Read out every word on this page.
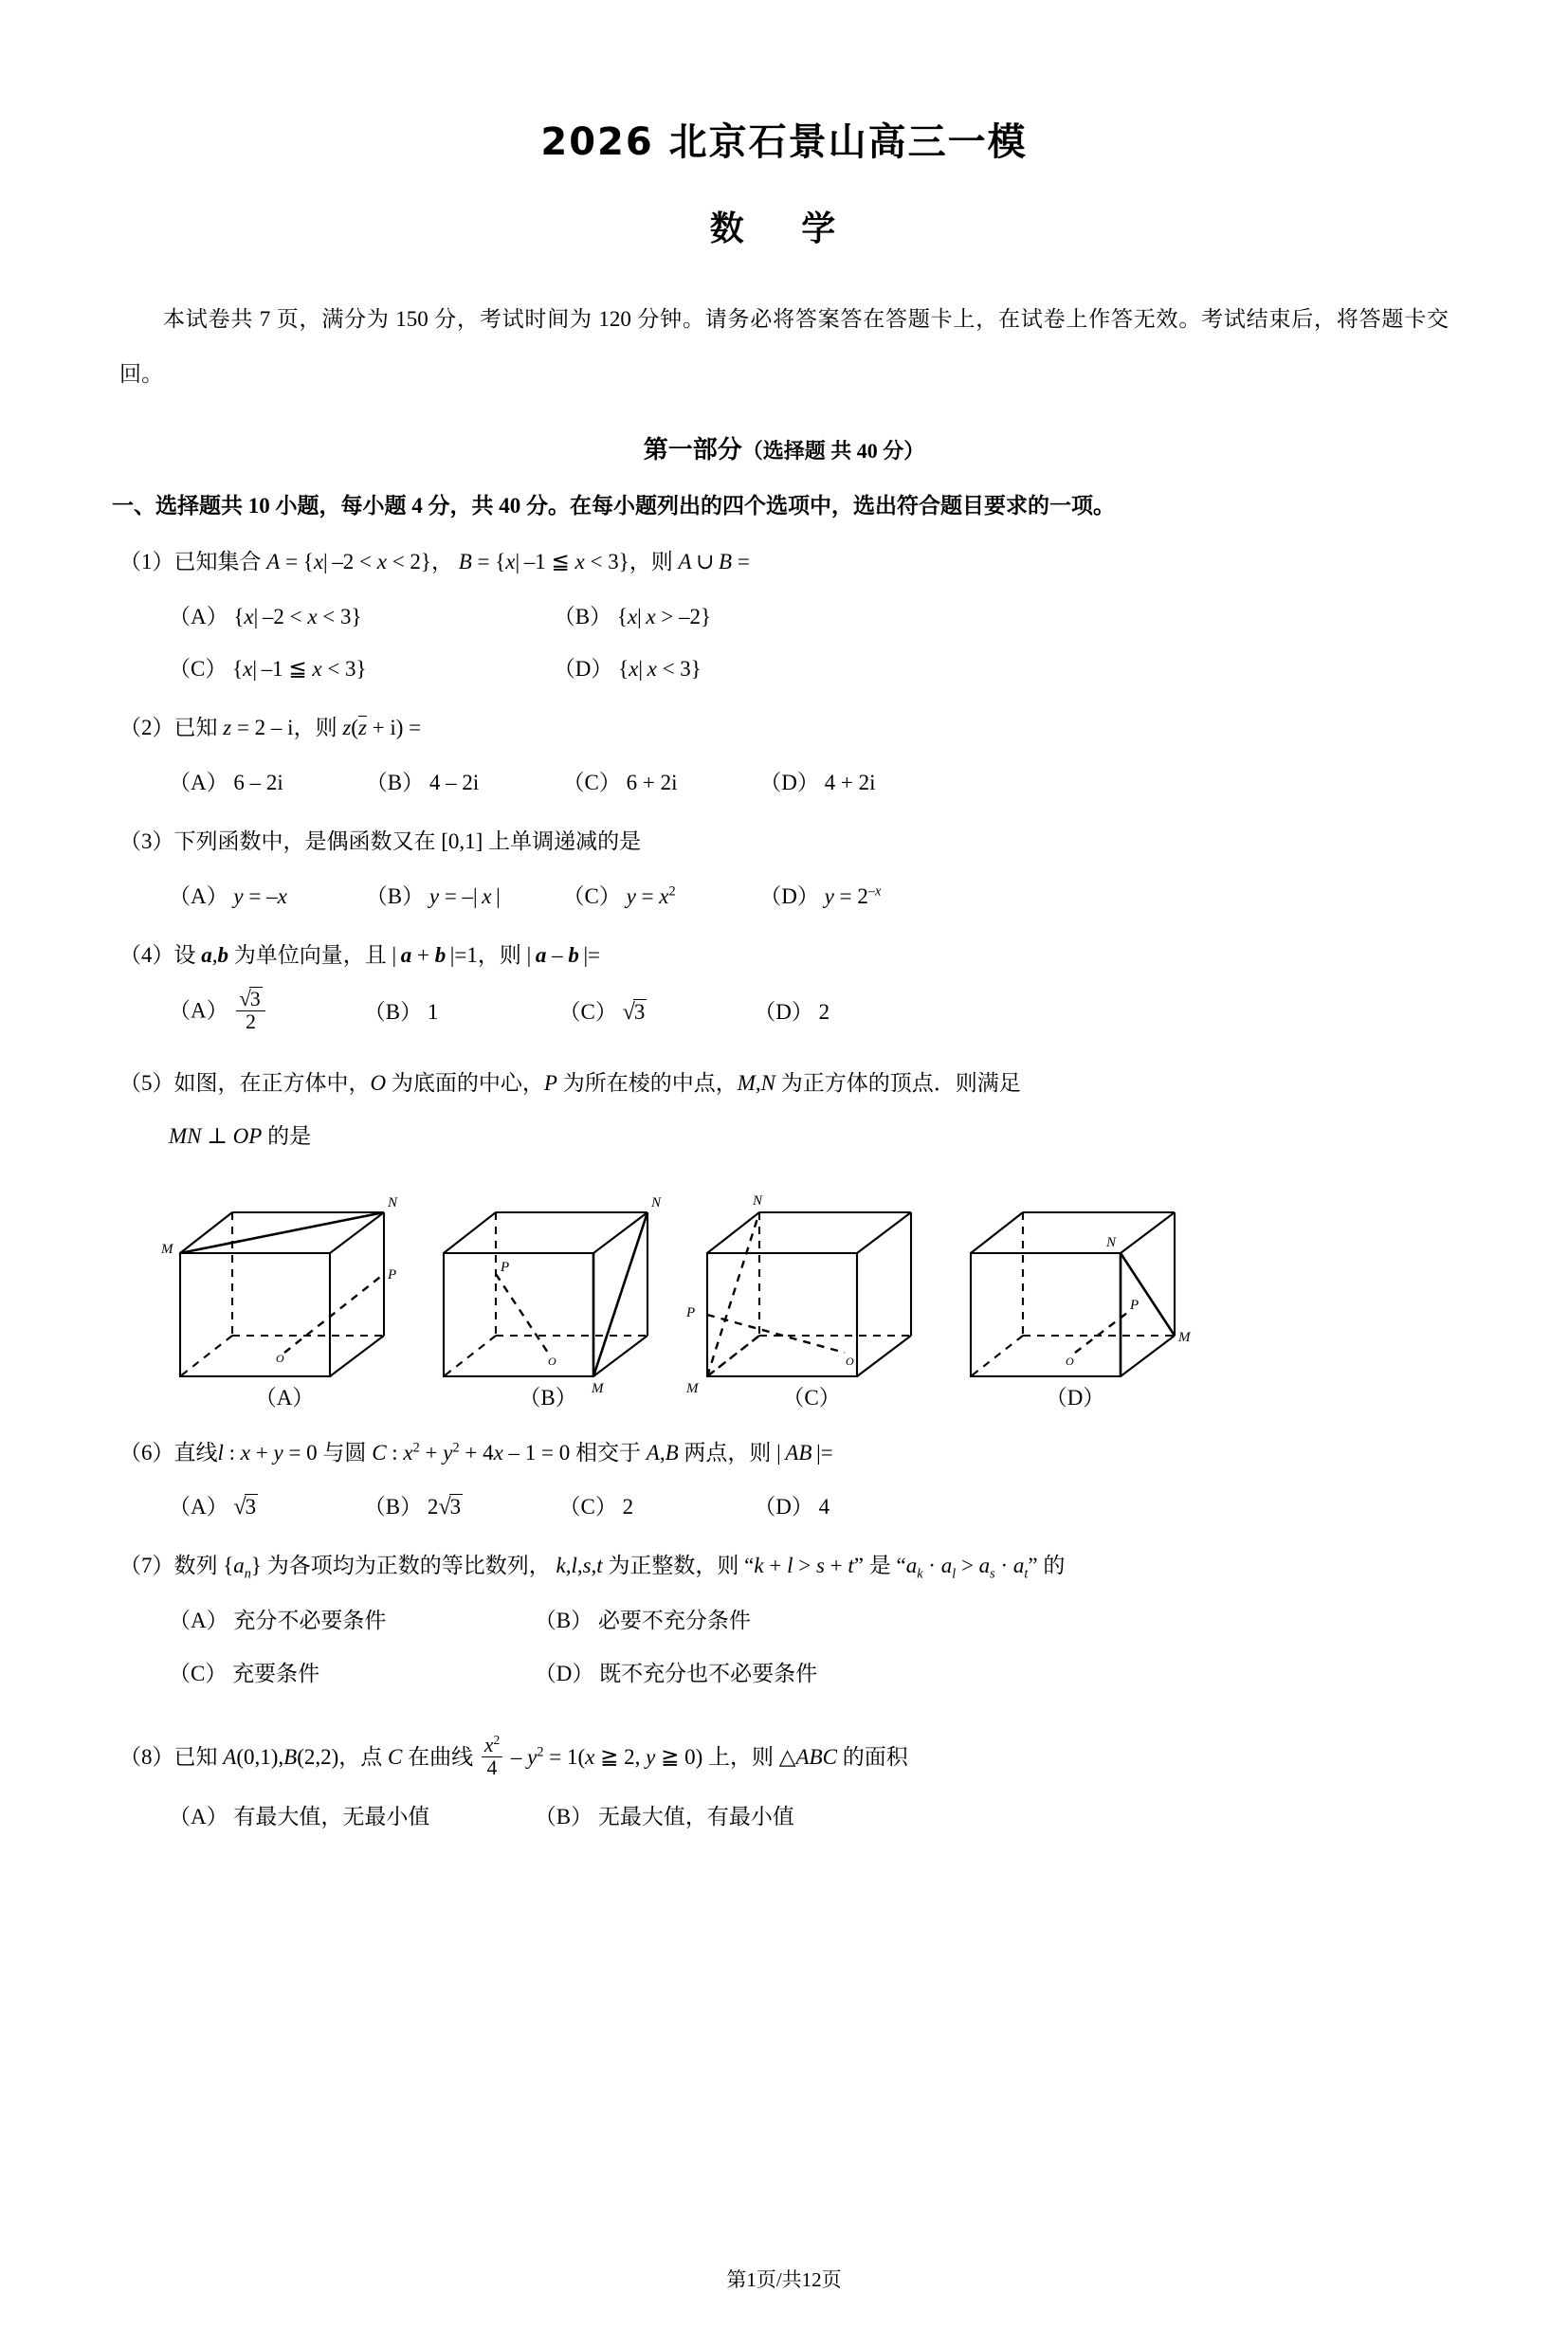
2026 北京石景山高三一模
数 学
本试卷共 7 页，满分为 150 分，考试时间为 120 分钟。请务必将答案答在答题卡上，在试卷上作答无效。考试结束后，将答题卡交回。
第一部分（选择题 共 40 分）
一、选择题共 10 小题，每小题 4 分，共 40 分。在每小题列出的四个选项中，选出符合题目要求的一项。
（1）已知集合 A = {x| –2 < x < 2}， B = {x| –1 ≦ x < 3}，则 A ∪ B =
（A） {x| –2 < x < 3}	（B） {x| x > –2}
（C） {x| –1 ≦ x < 3}	（D） {x| x < 3}
（2）已知 z = 2 – i，则 z(z + i) =
（A） 6 – 2i	（B） 4 – 2i	（C） 6 + 2i	（D） 4 + 2i
（3）下列函数中，是偶函数又在 [0,1] 上单调递减的是
（A） y = –x	（B） y = –| x |	（C） $y = x^2$	（D） $y = 2^{-x}$
（4）设 a,b 为单位向量，且 | a + b |=1，则 | a – b |=
$(A) \frac{√3}{2}$	（B） 1	（C） √3	（D） 2
（5）如图，在正方体中，O 为底面的中心，P 为所在棱的中点，M,N 为正方体的顶点．则满足
MN ⊥ OP 的是
M
N
P
O
（A）
N
M
P
O
（B）
N
M
P
O
（C）
N
M
P
O
（D）
（6）直线l : x + y = 0 与圆 C : $x^2 + y^2 + 4x - 1 = 0$ 相交于 A,B 两点，则 | AB |=
（A） √3	（B） 2√3	（C） 2	（D） 4
（7）数列 $\{a_n\}$ 为各项均为正数的等比数列， k,l,s,t 为正整数，则 “k + l > s + t” 是 “$a_k \cdot a_l > a_s \cdot a_t$” 的
（A） 充分不必要条件	（B） 必要不充分条件
（C） 充要条件	（D） 既不充分也不必要条件
（8）已知 A(0,1),B(2,2)，点 C 在曲线 $\frac{x^2}{4} - y^2 = 1(x$ ≧ 2, y ≧ 0) 上，则 △ABC 的面积
（A） 有最大值，无最小值	（B） 无最大值，有最小值
第1页/共12页
